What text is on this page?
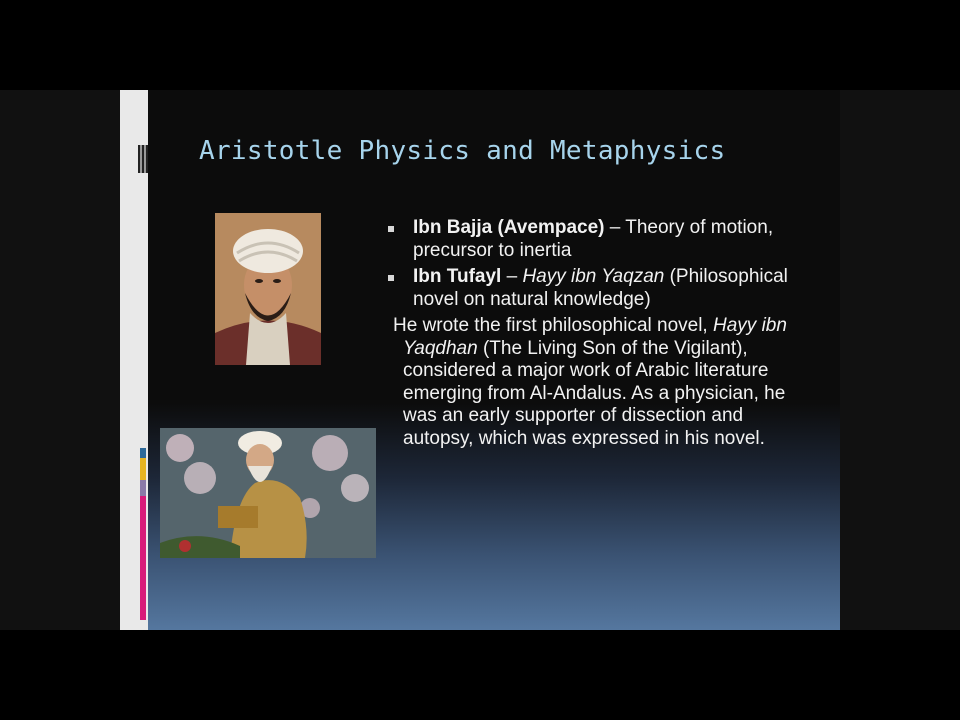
Aristotle Physics and Metaphysics
Ibn Bajja (Avempace) – Theory of motion, precursor to inertia
Ibn Tufayl – Hayy ibn Yaqzan (Philosophical novel on natural knowledge)
He wrote the first philosophical novel, Hayy ibn Yaqdhan (The Living Son of the Vigilant), considered a major work of Arabic literature emerging from Al-Andalus. As a physician, he was an early supporter of dissection and autopsy, which was expressed in his novel.
